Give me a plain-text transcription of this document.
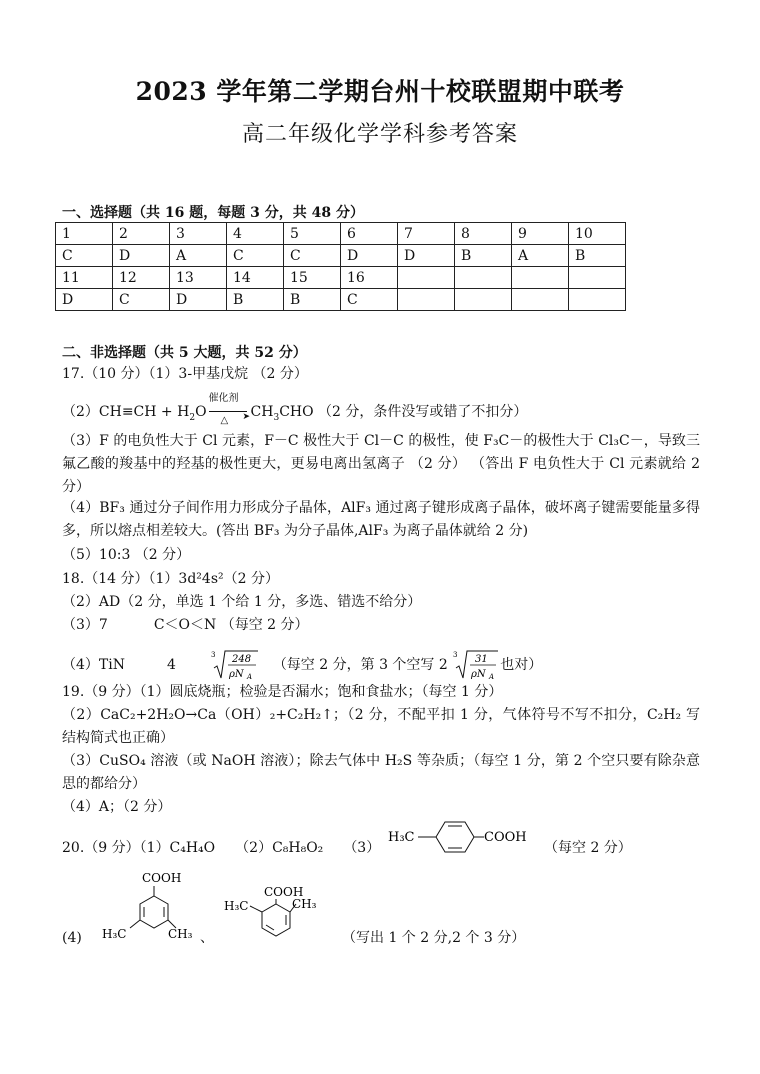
2023 学年第二学期台州十校联盟期中联考
高二年级化学学科参考答案
一、选择题（共 16 题，每题 3 分，共 48 分）
1	2	3	4	5	6	7	8	9	10
C	D	A	C	C	D	D	B	A	B
11	12	13	14	15	16				
D	C	D	B	B	C				
二、非选择题（共 5 大题，共 52 分）
17.（10 分）（1）3-甲基戊烷 （2 分）
$(2)CH\equiv CH + H_2O$
催化剂
➤
△
$CH_3CHO$ （2 分，条件没写或错了不扣分）
（3）F 的电负性大于 Cl 元素，F－C 极性大于 Cl－C 的极性，使 F₃C－的极性大于 Cl₃C－，导致三氟乙酸的羧基中的羟基的极性更大，更易电离出氢离子 （2 分） （答出 F 电负性大于 Cl 元素就给 2 分）
（4）BF₃ 通过分子间作用力形成分子晶体，AlF₃ 通过离子键形成离子晶体，破坏离子键需要能量多得多，所以熔点相差较大。(答出 BF₃ 为分子晶体,AlF₃ 为离子晶体就给 2 分)
（5）10:3 （2 分）
18.（14 分）（1）3d²4s²（2 分）
（2）AD（2 分，单选 1 个给 1 分，多选、错选不给分）
（3）7	C＜O＜N （每空 2 分）
（4）TiN	4
3 248
ρN A
（每空 2 分，第 3 个空写 2
3 31
ρN A
也对）
19.（9 分）（1）圆底烧瓶；检验是否漏水；饱和食盐水；（每空 1 分）
（2）CaC₂+2H₂O→Ca（OH）₂+C₂H₂↑；（2 分，不配平扣 1 分，气体符号不写不扣分，C₂H₂ 写结构简式也正确）
（3）CuSO₄ 溶液（或 NaOH 溶液）；除去气体中 H₂S 等杂质；（每空 1 分，第 2 个空只要有除杂意思的都给分）
（4）A；（2 分）
20.（9 分）（1）C₄H₄O （2）C₈H₈O₂ （3）
H₃C	COOH
（每空 2 分）
(4)
COOH
H₃C	CH₃ 、
COOH
H₃C	CH₃
（写出 1 个 2 分,2 个 3 分）
